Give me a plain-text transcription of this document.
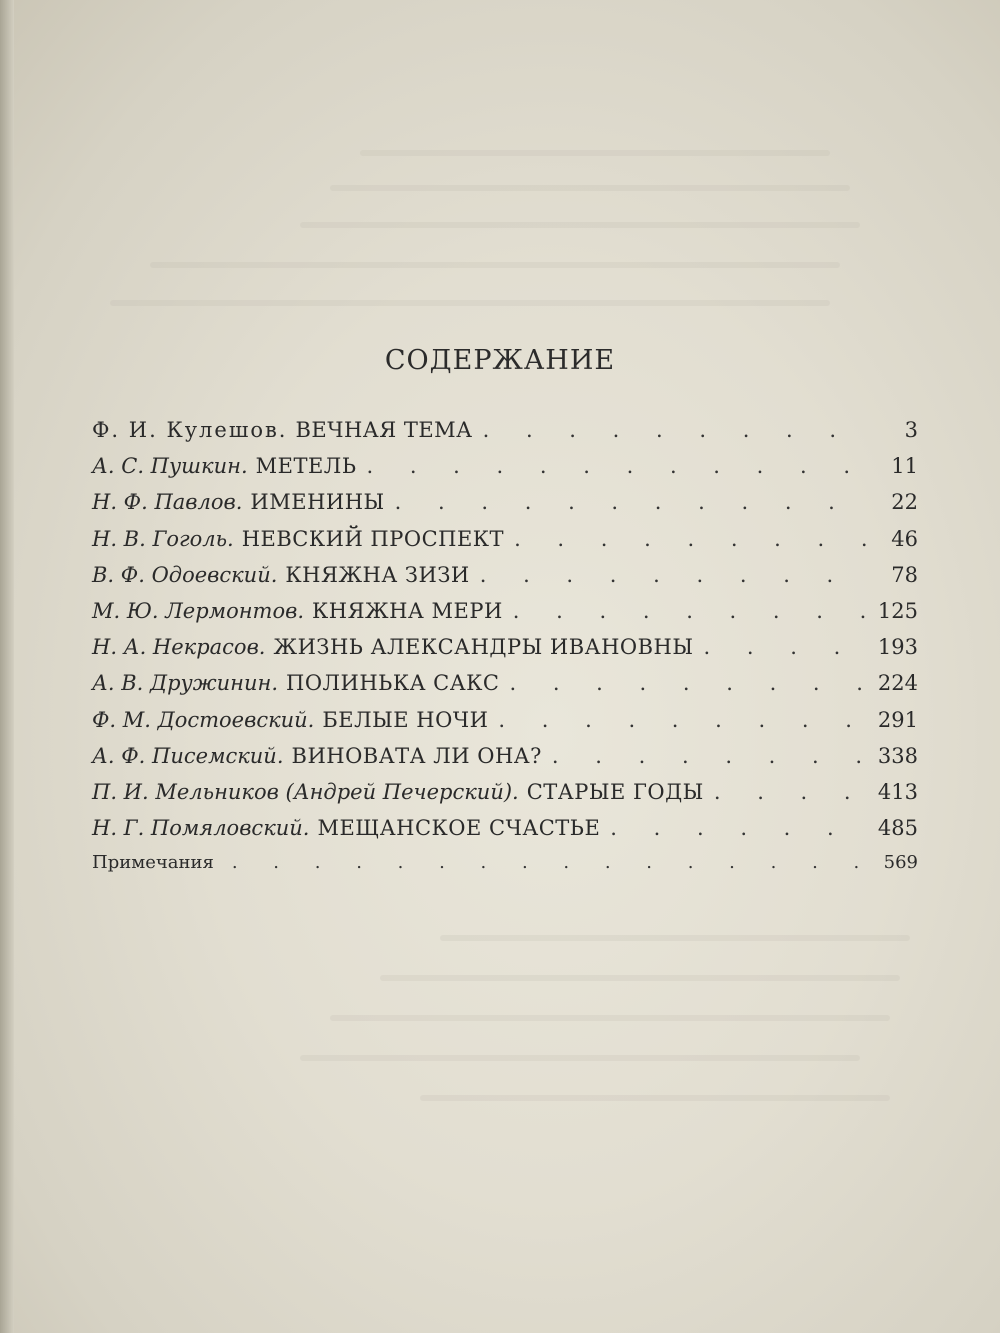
СОДЕРЖАНИЕ
Ф. И. Кулешов. ВЕЧНАЯ ТЕМА . . .	3
А. С. Пушкин. МЕТЕЛЬ . . .	11
Н. Ф. Павлов. ИМЕНИНЫ . . .	22
Н. В. Гоголь. НЕВСКИЙ ПРОСПЕКТ . . .	46
В. Ф. Одоевский. КНЯЖНА ЗИЗИ . . .	78
М. Ю. Лермонтов. КНЯЖНА МЕРИ . . .	125
Н. А. Некрасов. ЖИЗНЬ АЛЕКСАНДРЫ ИВАНОВНЫ . . .	193
А. В. Дружинин. ПОЛИНЬКА САКС . . .	224
Ф. М. Достоевский. БЕЛЫЕ НОЧИ . . .	291
А. Ф. Писемский. ВИНОВАТА ЛИ ОНА? . . .	338
П. И. Мельников (Андрей Печерский). СТАРЫЕ ГОДЫ . . .	413
Н. Г. Помяловский. МЕЩАНСКОЕ СЧАСТЬЕ . . .	485
Примечания . . .	569
